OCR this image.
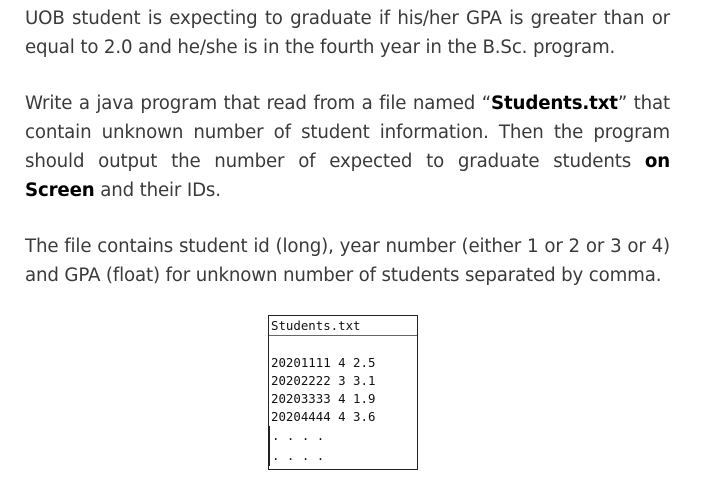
UOB student is expecting to graduate if his/her GPA is greater than or equal to 2.0 and he/she is in the fourth year in the B.Sc. program.

Write a java program that read from a file named “Students.txt” that contain unknown number of student information. Then the program should output the number of expected to graduate students on Screen and their IDs.

The file contains student id (long), year number (either 1 or 2 or 3 or 4) and GPA (float) for unknown number of students separated by comma.

Students.txt
20201111 4 2.5
20202222 3 3.1
20203333 4 1.9
20204444 4 3.6
. . . .
. . . .
